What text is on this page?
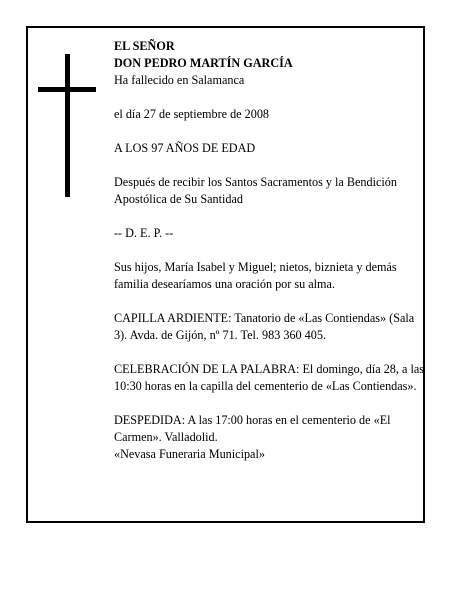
EL SEÑOR

DON PEDRO MARTÍN GARCÍA

Ha fallecido en Salamanca

el día 27 de septiembre de 2008

A LOS 97 AÑOS DE EDAD

Después de recibir los Santos Sacramentos y la Bendición Apostólica de Su Santidad

-- D. E. P. --

Sus hijos, María Isabel y Miguel; nietos, biznieta y demás familia desearíamos una oración por su alma.

CAPILLA ARDIENTE: Tanatorio de «Las Contiendas» (Sala 3). Avda. de Gijón, nº 71. Tel. 983 360 405.

CELEBRACIÓN DE LA PALABRA: El domingo, día 28, a las 10:30 horas en la capilla del cementerio de «Las Contiendas».

DESPEDIDA: A las 17:00 horas en el cementerio de «El Carmen». Valladolid.

«Nevasa Funeraria Municipal»
